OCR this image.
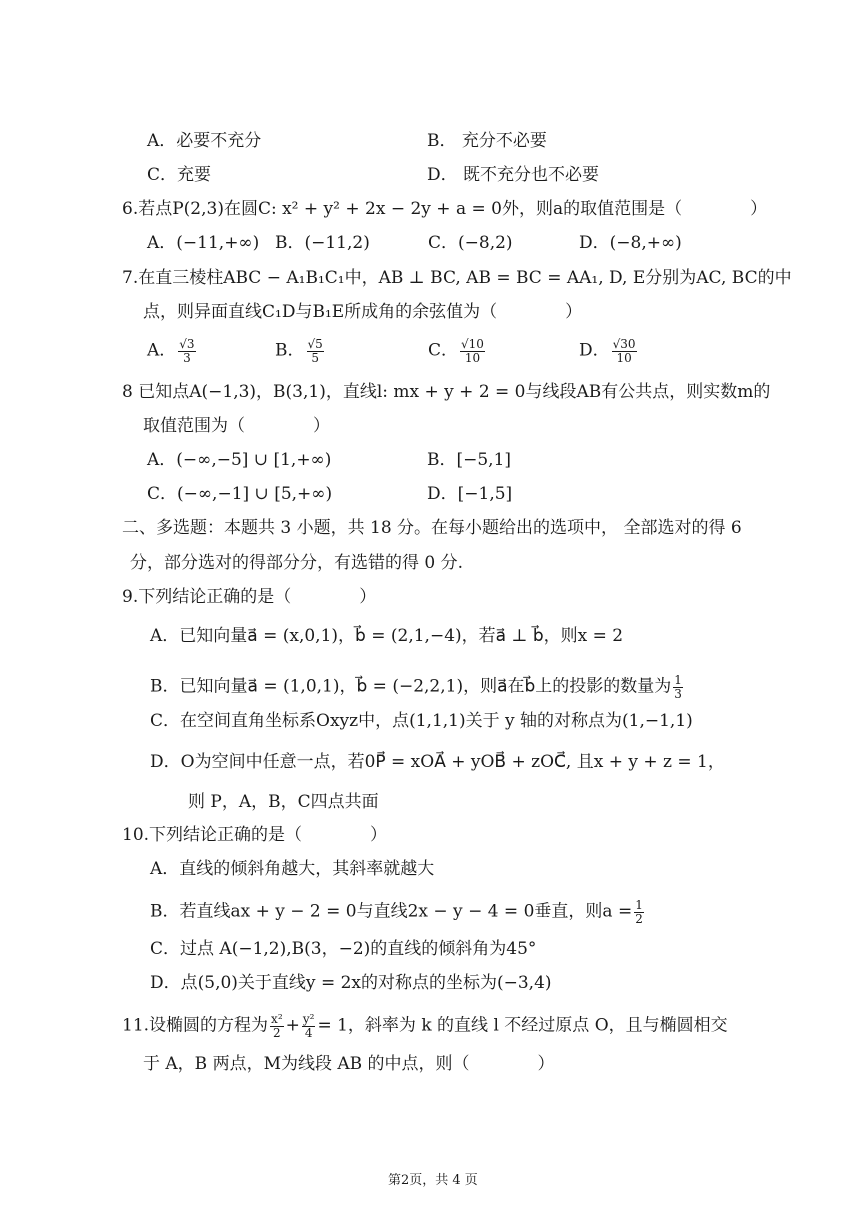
A．必要不充分	B． 充分不必要
C．充要	D． 既不充分也不必要
6.若点P(2,3)在圆C: x² + y² + 2x − 2y + a = 0外，则a的取值范围是（　　　　）
A．(−11,+∞) B．(−11,2)	C．(−8,2)	D．(−8,+∞)
7.在直三棱柱ABC − A₁B₁C₁中，AB ⊥ BC, AB = BC = AA₁, D, E分别为AC, BC的中
点，则异面直线C₁D与B₁E所成角的余弦值为（　　　　）
A． $\frac{√3}{3}$	B． $\frac{√5}{5}$	C． $\frac{√10}{10}$	D． $\frac{√30}{10}$
8 已知点A(−1,3)，B(3,1)，直线l: mx + y + 2 = 0与线段AB有公共点，则实数m的
取值范围为（　　　　）
A．(−∞,−5] ∪ [1,+∞)	B．[−5,1]
C．(−∞,−1] ∪ [5,+∞)	D．[−1,5]
二、多选题：本题共 3 小题，共 18 分。在每小题给出的选项中， 全部选对的得 6
分，部分选对的得部分分，有选错的得 0 分.
9.下列结论正确的是（　　　　）
A．已知向量a⃗ = (x,0,1)，b⃗ = (2,1,−4)，若a⃗ ⊥ b⃗，则x = 2
B．已知向量a⃗ = (1,0,1)，b⃗ = (−2,2,1)，则a⃗在b⃗上的投影的数量为 $\frac{1}{3}$
C．在空间直角坐标系Oxyz中，点(1,1,1)关于 y 轴的对称点为(1,−1,1)
D．O为空间中任意一点，若0P⃗ = xOA⃗ + yOB⃗ + zOC⃗, 且x + y + z = 1，
则 P，A，B，C四点共面
10.下列结论正确的是（　　　　）
A．直线的倾斜角越大，其斜率就越大
B．若直线ax + y − 2 = 0与直线2x − y − 4 = 0垂直，则$a = \frac{1}{2}$
C．过点 A(−1,2),B(3，−2)的直线的倾斜角为45°
D．点(5,0)关于直线y = 2x的对称点的坐标为(−3,4)
11.设椭圆的方程为 $\frac{\text{x²}}{2} + \frac{\text{y²}}{4} = 1$，斜率为 k 的直线 l 不经过原点 O，且与椭圆相交
于 A，B 两点，M为线段 AB 的中点，则（　　　　）
第2页，共 4 页
